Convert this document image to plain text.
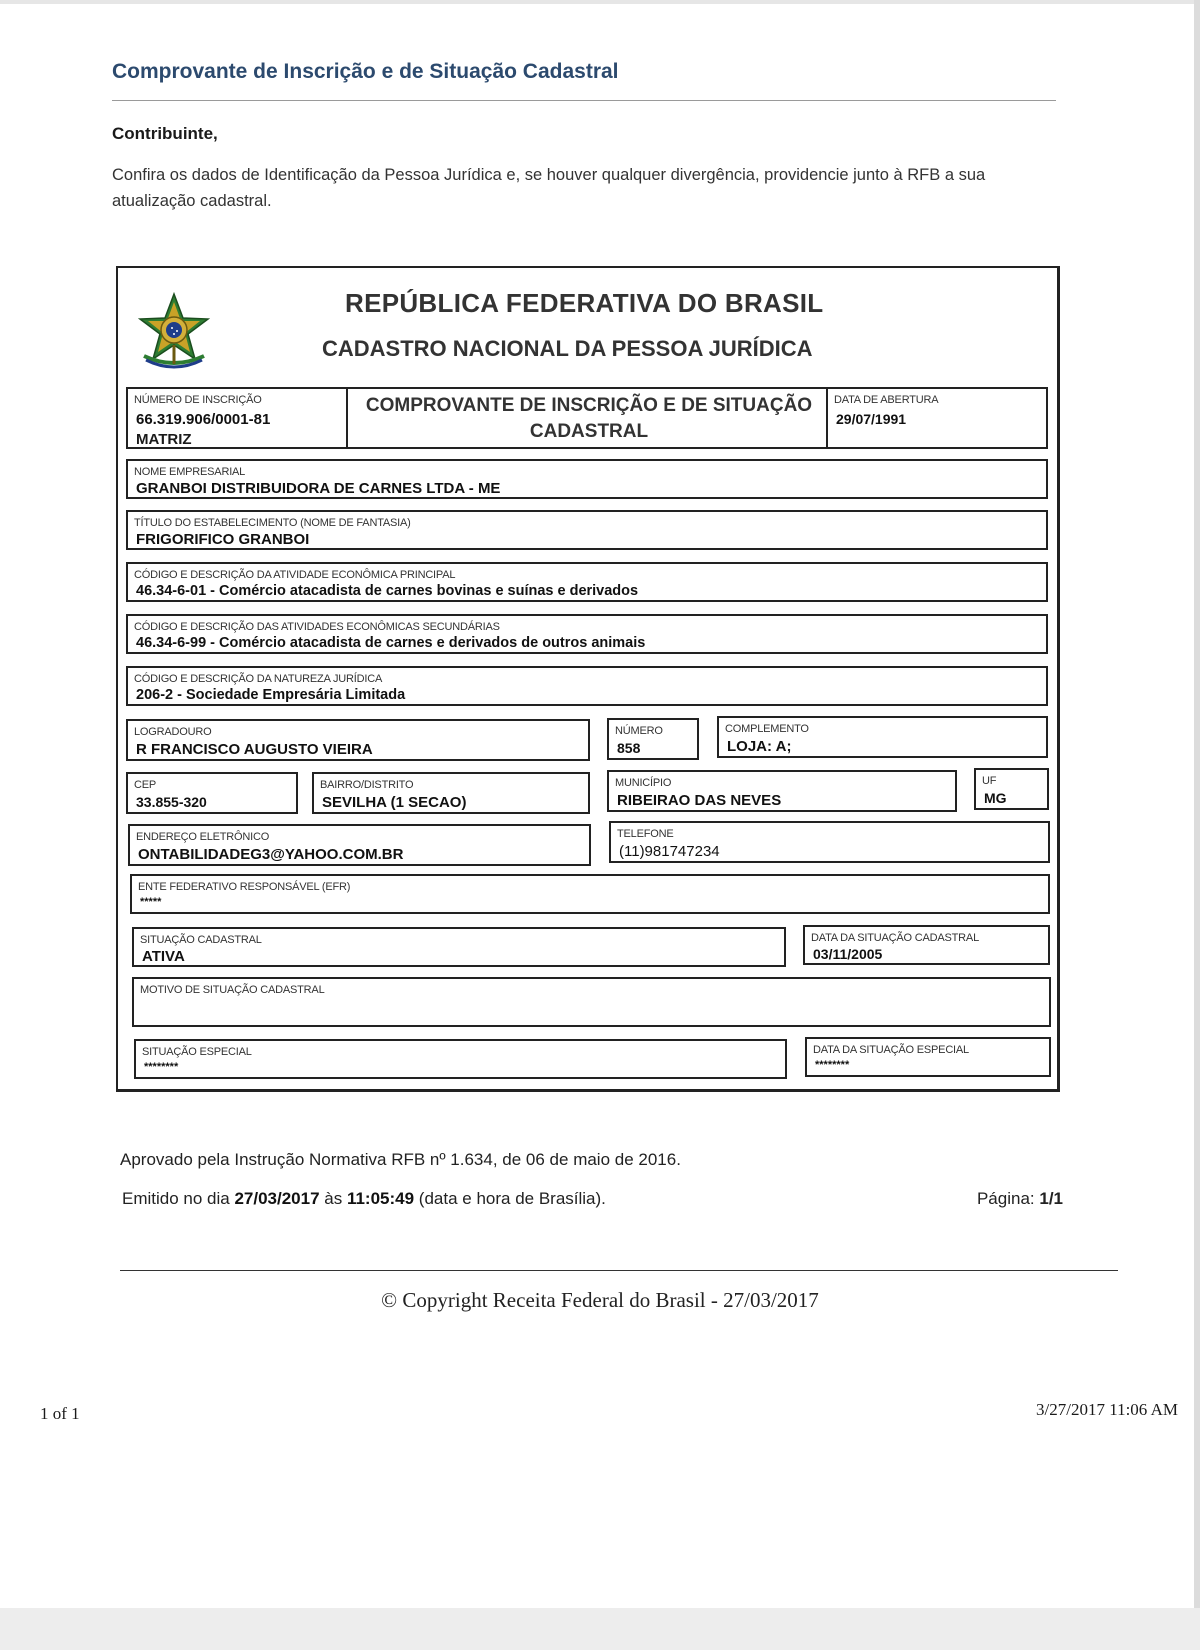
Comprovante de Inscrição e de Situação Cadastral
Contribuinte,
Confira os dados de Identificação da Pessoa Jurídica e, se houver qualquer divergência, providencie junto à RFB a sua atualização cadastral.
REPÚBLICA FEDERATIVA DO BRASIL
CADASTRO NACIONAL DA PESSOA JURÍDICA
NÚMERO DE INSCRIÇÃO
66.319.906/0001-81
MATRIZ
COMPROVANTE DE INSCRIÇÃO E DE SITUAÇÃO CADASTRAL
DATA DE ABERTURA
29/07/1991
NOME EMPRESARIAL
GRANBOI DISTRIBUIDORA DE CARNES LTDA - ME
TÍTULO DO ESTABELECIMENTO (NOME DE FANTASIA)
FRIGORIFICO GRANBOI
CÓDIGO E DESCRIÇÃO DA ATIVIDADE ECONÔMICA PRINCIPAL
46.34-6-01 - Comércio atacadista de carnes bovinas e suínas e derivados
CÓDIGO E DESCRIÇÃO DAS ATIVIDADES ECONÔMICAS SECUNDÁRIAS
46.34-6-99 - Comércio atacadista de carnes e derivados de outros animais
CÓDIGO E DESCRIÇÃO DA NATUREZA JURÍDICA
206-2 - Sociedade Empresária Limitada
LOGRADOURO
R FRANCISCO AUGUSTO VIEIRA
NÚMERO
858
COMPLEMENTO
LOJA: A;
CEP
33.855-320
BAIRRO/DISTRITO
SEVILHA (1 SECAO)
MUNICÍPIO
RIBEIRAO DAS NEVES
UF
MG
ENDEREÇO ELETRÔNICO
ONTABILIDADEG3@YAHOO.COM.BR
TELEFONE
(11)981747234
ENTE FEDERATIVO RESPONSÁVEL (EFR)
*****
SITUAÇÃO CADASTRAL
ATIVA
DATA DA SITUAÇÃO CADASTRAL
03/11/2005
MOTIVO DE SITUAÇÃO CADASTRAL
SITUAÇÃO ESPECIAL
********
DATA DA SITUAÇÃO ESPECIAL
********
Aprovado pela Instrução Normativa RFB nº 1.634, de 06 de maio de 2016.
Emitido no dia 27/03/2017 às 11:05:49 (data e hora de Brasília).	Página: 1/1
© Copyright Receita Federal do Brasil - 27/03/2017
1 of 1	3/27/2017 11:06 AM
